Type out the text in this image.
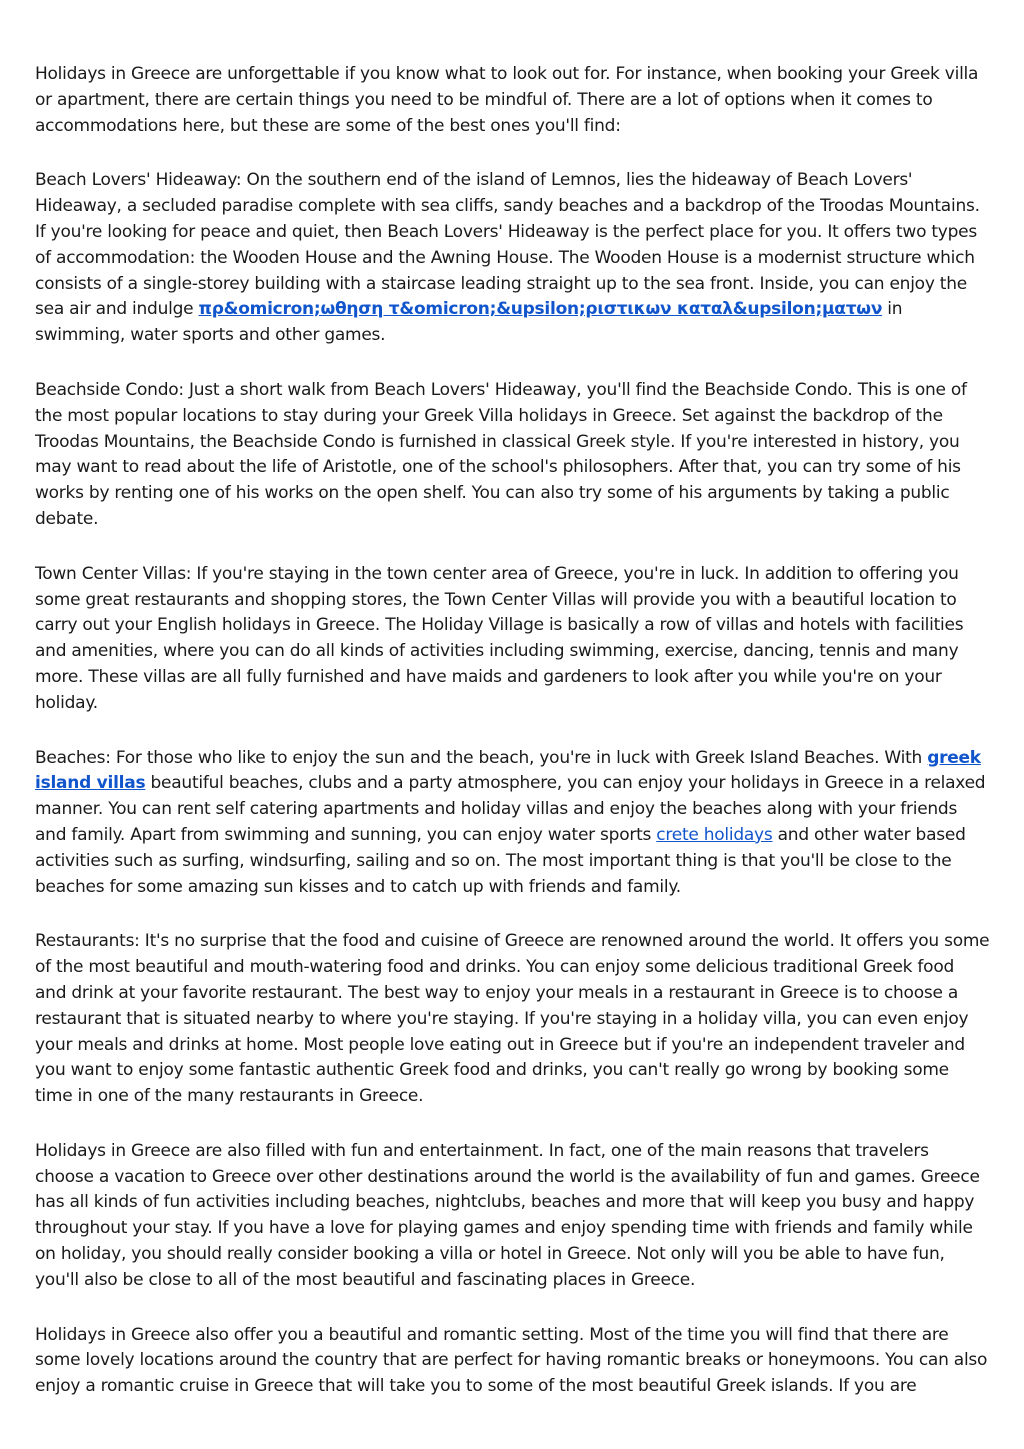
Holidays in Greece are unforgettable if you know what to look out for. For instance, when booking your Greek villa or apartment, there are certain things you need to be mindful of. There are a lot of options when it comes to accommodations here, but these are some of the best ones you'll find:

Beach Lovers' Hideaway: On the southern end of the island of Lemnos, lies the hideaway of Beach Lovers' Hideaway, a secluded paradise complete with sea cliffs, sandy beaches and a backdrop of the Troodas Mountains. If you're looking for peace and quiet, then Beach Lovers' Hideaway is the perfect place for you. It offers two types of accommodation: the Wooden House and the Awning House. The Wooden House is a modernist structure which consists of a single-storey building with a staircase leading straight up to the sea front. Inside, you can enjoy the sea air and indulge πρ&omicron;ωθηση τ&omicron;&upsilon;ριστικων καταλ&upsilon;ματων in swimming, water sports and other games.

Beachside Condo: Just a short walk from Beach Lovers' Hideaway, you'll find the Beachside Condo. This is one of the most popular locations to stay during your Greek Villa holidays in Greece. Set against the backdrop of the Troodas Mountains, the Beachside Condo is furnished in classical Greek style. If you're interested in history, you may want to read about the life of Aristotle, one of the school's philosophers. After that, you can try some of his works by renting one of his works on the open shelf. You can also try some of his arguments by taking a public debate.

Town Center Villas: If you're staying in the town center area of Greece, you're in luck. In addition to offering you some great restaurants and shopping stores, the Town Center Villas will provide you with a beautiful location to carry out your English holidays in Greece. The Holiday Village is basically a row of villas and hotels with facilities and amenities, where you can do all kinds of activities including swimming, exercise, dancing, tennis and many more. These villas are all fully furnished and have maids and gardeners to look after you while you're on your holiday.

Beaches: For those who like to enjoy the sun and the beach, you're in luck with Greek Island Beaches. With greek island villas beautiful beaches, clubs and a party atmosphere, you can enjoy your holidays in Greece in a relaxed manner. You can rent self catering apartments and holiday villas and enjoy the beaches along with your friends and family. Apart from swimming and sunning, you can enjoy water sports crete holidays and other water based activities such as surfing, windsurfing, sailing and so on. The most important thing is that you'll be close to the beaches for some amazing sun kisses and to catch up with friends and family.

Restaurants: It's no surprise that the food and cuisine of Greece are renowned around the world. It offers you some of the most beautiful and mouth-watering food and drinks. You can enjoy some delicious traditional Greek food and drink at your favorite restaurant. The best way to enjoy your meals in a restaurant in Greece is to choose a restaurant that is situated nearby to where you're staying. If you're staying in a holiday villa, you can even enjoy your meals and drinks at home. Most people love eating out in Greece but if you're an independent traveler and you want to enjoy some fantastic authentic Greek food and drinks, you can't really go wrong by booking some time in one of the many restaurants in Greece.

Holidays in Greece are also filled with fun and entertainment. In fact, one of the main reasons that travelers choose a vacation to Greece over other destinations around the world is the availability of fun and games. Greece has all kinds of fun activities including beaches, nightclubs, beaches and more that will keep you busy and happy throughout your stay. If you have a love for playing games and enjoy spending time with friends and family while on holiday, you should really consider booking a villa or hotel in Greece. Not only will you be able to have fun, you'll also be close to all of the most beautiful and fascinating places in Greece.

Holidays in Greece also offer you a beautiful and romantic setting. Most of the time you will find that there are some lovely locations around the country that are perfect for having romantic breaks or honeymoons. You can also enjoy a romantic cruise in Greece that will take you to some of the most beautiful Greek islands. If you are
